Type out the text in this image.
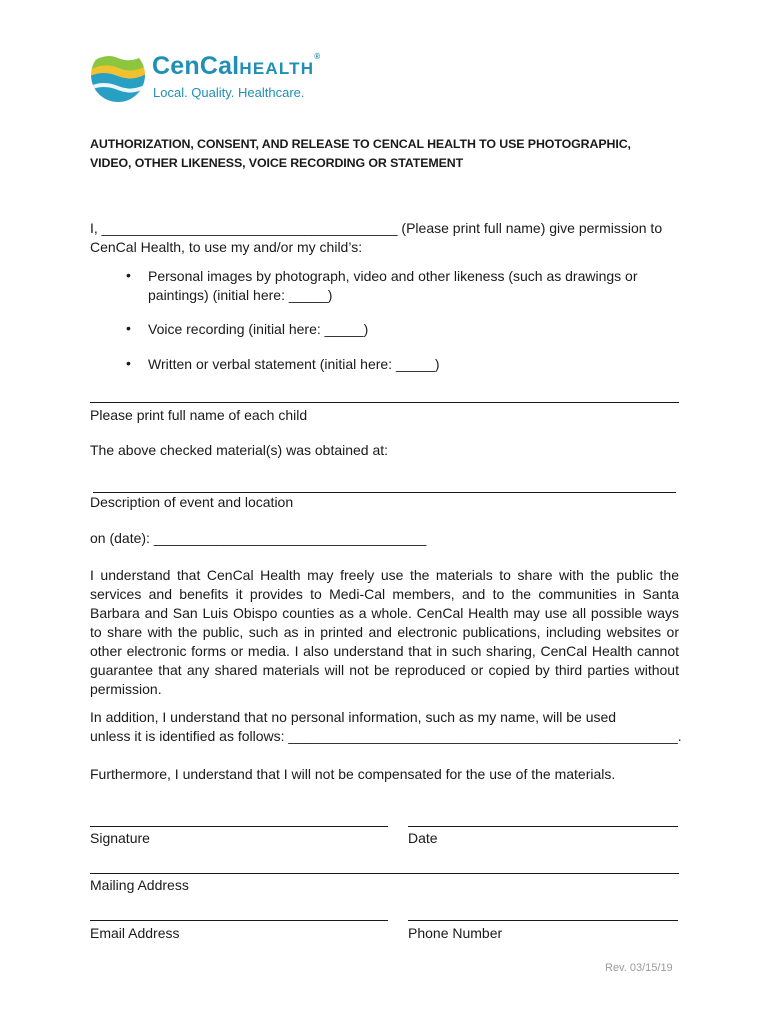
CenCalHEALTH®
Local. Quality. Healthcare.
AUTHORIZATION, CONSENT, AND RELEASE TO CENCAL HEALTH TO USE PHOTOGRAPHIC,
VIDEO, OTHER LIKENESS, VOICE RECORDING OR STATEMENT
I, ______________________________________ (Please print full name) give permission to
CenCal Health, to use my and/or my child’s:
• Personal images by photograph, video and other likeness (such as drawings or paintings) (initial here: _____)
• Voice recording (initial here: _____)
• Written or verbal statement (initial here: _____)
Please print full name of each child
The above checked material(s) was obtained at:
Description of event and location
on (date): ___________________________________
I understand that CenCal Health may freely use the materials to share with the public the services and benefits it provides to Medi-Cal members, and to the communities in Santa Barbara and San Luis Obispo counties as a whole. CenCal Health may use all possible ways to share with the public, such as in printed and electronic publications, including websites or other electronic forms or media. I also understand that in such sharing, CenCal Health cannot guarantee that any shared materials will not be reproduced or copied by third parties without permission.
In addition, I understand that no personal information, such as my name, will be used
unless it is identified as follows: __________________________________________________.
Furthermore, I understand that I will not be compensated for the use of the materials.
Signature	Date
Mailing Address
Email Address	Phone Number
Rev. 03/15/19
